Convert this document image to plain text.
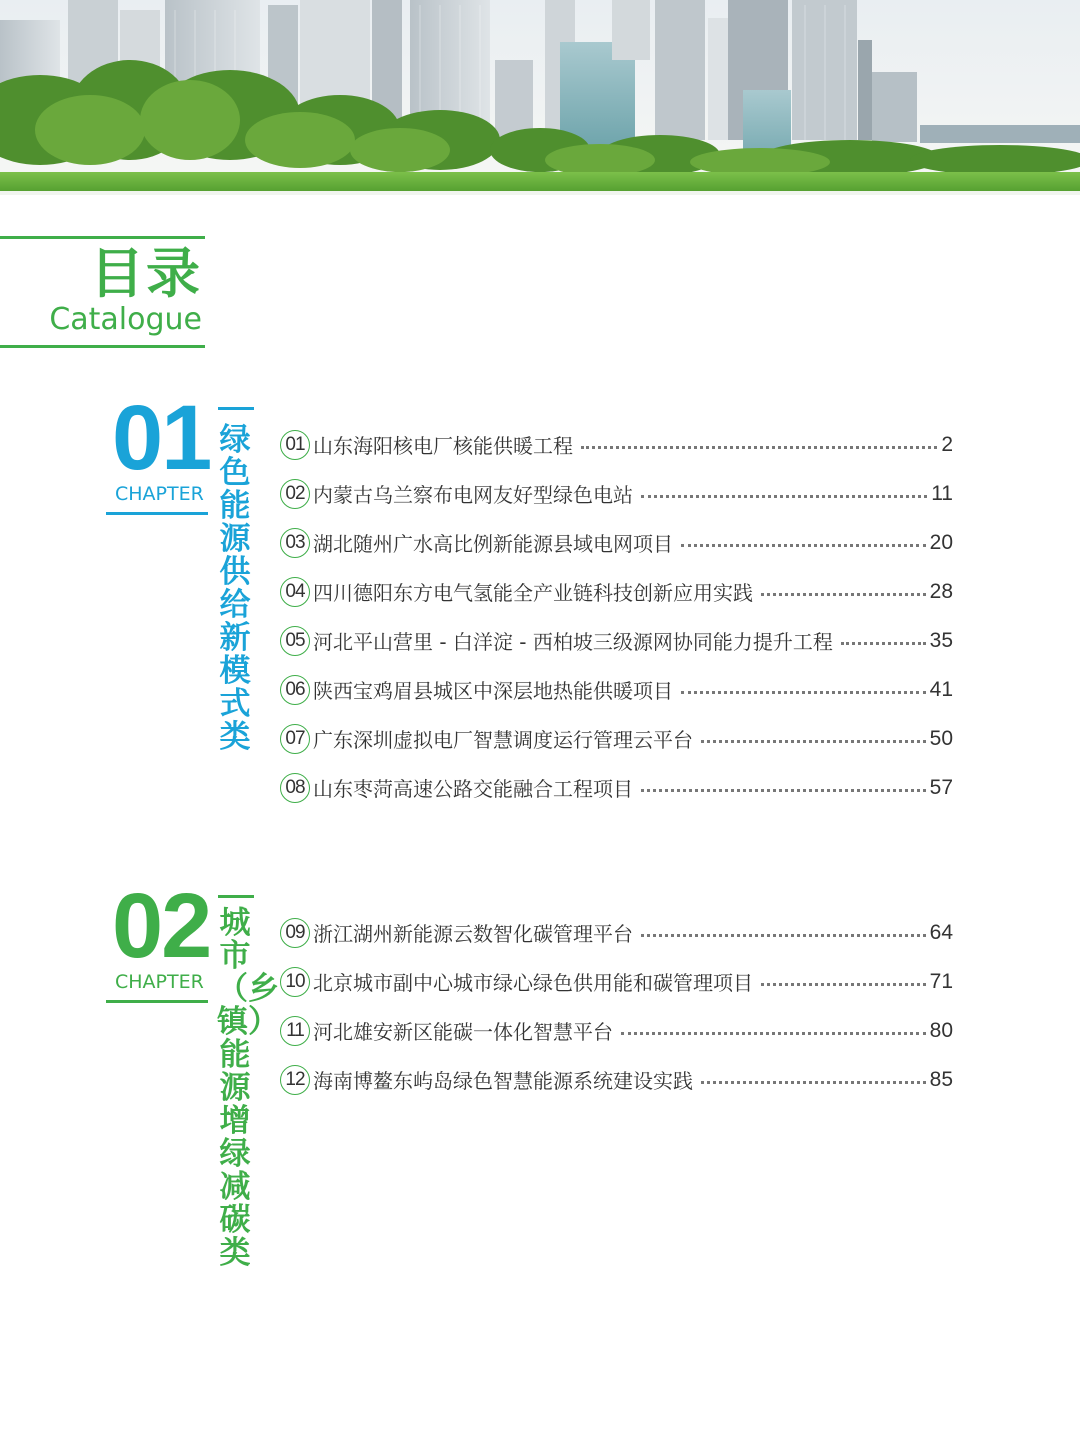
目录
Catalogue
01
CHAPTER
绿色能源供给新模式类
01 山东海阳核电厂核能供暖工程	2
02 内蒙古乌兰察布电网友好型绿色电站	11
03 湖北随州广水高比例新能源县域电网项目	20
04 四川德阳东方电气氢能全产业链科技创新应用实践	28
05 河北平山营里 - 白洋淀 - 西柏坡三级源网协同能力提升工程	35
06 陕西宝鸡眉县城区中深层地热能供暖项目	41
07 广东深圳虚拟电厂智慧调度运行管理云平台	50
08 山东枣菏高速公路交能融合工程项目	57
02
CHAPTER
城市（乡镇）能源增绿减碳类
09 浙江湖州新能源云数智化碳管理平台	64
10 北京城市副中心城市绿心绿色供用能和碳管理项目	71
11 河北雄安新区能碳一体化智慧平台	80
12 海南博鳌东屿岛绿色智慧能源系统建设实践	85
